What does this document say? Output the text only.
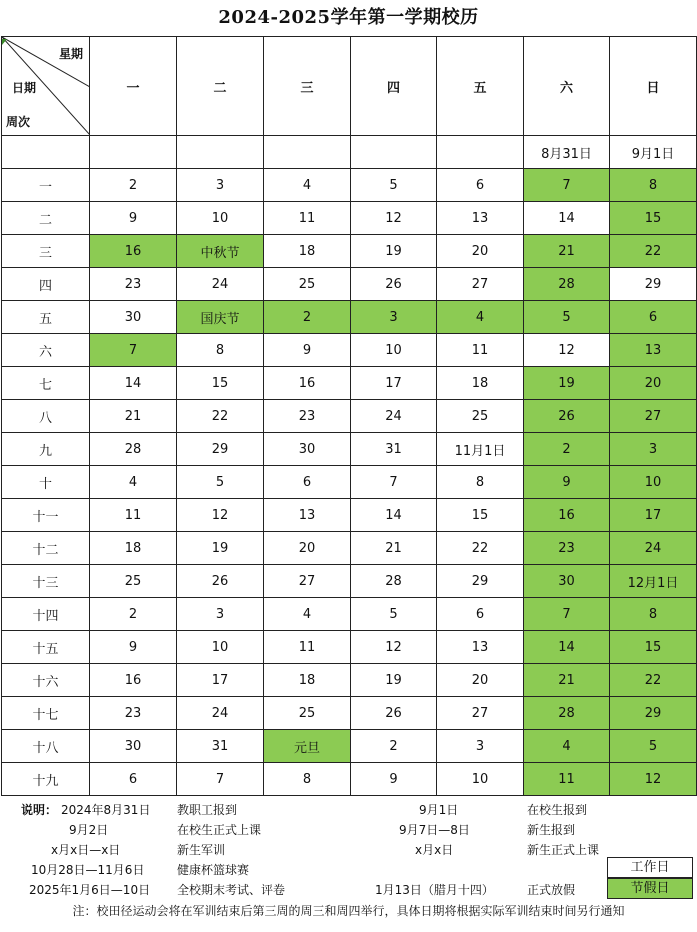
2024-2025学年第一学期校历
星期
日期
周次	一	二	三	四	五	六	日
						8月31日	9月1日
一	2	3	4	5	6	7	8
二	9	10	11	12	13	14	15
三	16	中秋节	18	19	20	21	22
四	23	24	25	26	27	28	29
五	30	国庆节	2	3	4	5	6
六	7	8	9	10	11	12	13
七	14	15	16	17	18	19	20
八	21	22	23	24	25	26	27
九	28	29	30	31	11月1日	2	3
十	4	5	6	7	8	9	10
十一	11	12	13	14	15	16	17
十二	18	19	20	21	22	23	24
十三	25	26	27	28	29	30	12月1日
十四	2	3	4	5	6	7	8
十五	9	10	11	12	13	14	15
十六	16	17	18	19	20	21	22
十七	23	24	25	26	27	28	29
十八	30	31	元旦	2	3	4	5
十九	6	7	8	9	10	11	12
说明： 2024年8月31日 教职工报到	9月1日	在校生报到
9月2日	在校生正式上课	9月7日—8日	新生报到
x月x日—x日	新生军训	x月x日	新生正式上课
10月28日—11月6日	健康杯篮球赛
2025年1月6日—10日 全校期末考试、评卷	1月13日（腊月十四）	正式放假
工作日
节假日
注：校田径运动会将在军训结束后第三周的周三和周四举行，具体日期将根据实际军训结束时间另行通知
